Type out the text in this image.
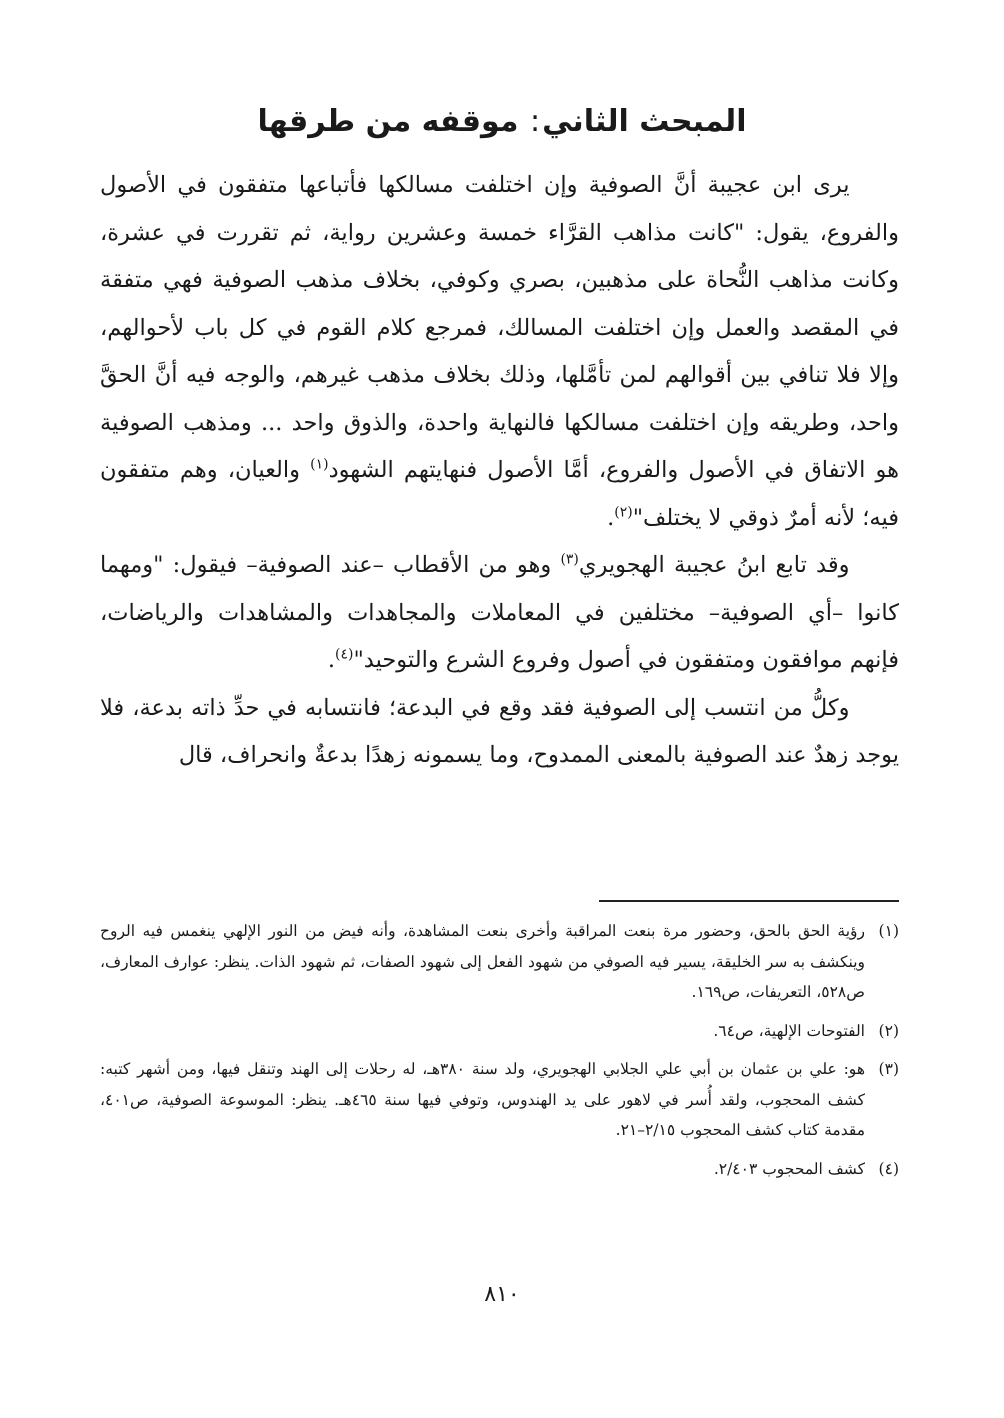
المبحث الثاني: موقفه من طرقها

يرى ابن عجيبة أنَّ الصوفية وإن اختلفت مسالكها فأتباعها متفقون في الأصول والفروع، يقول: "كانت مذاهب القرَّاء خمسة وعشرين رواية، ثم تقررت في عشرة، وكانت مذاهب النُّحاة على مذهبين، بصري وكوفي، بخلاف مذهب الصوفية فهي متفقة في المقصد والعمل وإن اختلفت المسالك، فمرجع كلام القوم في كل باب لأحوالهم، وإلا فلا تنافي بين أقوالهم لمن تأمَّلها، وذلك بخلاف مذهب غيرهم، والوجه فيه أنَّ الحقَّ واحد، وطريقه وإن اختلفت مسالكها فالنهاية واحدة، والذوق واحد ... ومذهب الصوفية هو الاتفاق في الأصول والفروع، أمَّا الأصول فنهايتهم الشهود$^{(١)}$ والعيان، وهم متفقون فيه؛ لأنه أمرٌ ذوقي لا يختلف"$^{(٢)}$.

وقد تابع ابنُ عجيبة الهجويري$^{(٣)}$ وهو من الأقطاب –عند الصوفية– فيقول: "ومهما كانوا –أي الصوفية– مختلفين في المعاملات والمجاهدات والمشاهدات والرياضات، فإنهم موافقون ومتفقون في أصول وفروع الشرع والتوحيد"$^{(٤)}$.

وكلُّ من انتسب إلى الصوفية فقد وقع في البدعة؛ فانتسابه في حدِّ ذاته بدعة، فلا يوجد زهدٌ عند الصوفية بالمعنى الممدوح، وما يسمونه زهدًا بدعةٌ وانحراف، قال

(١)
رؤية الحق بالحق، وحضور مرة بنعت المراقبة وأخرى بنعت المشاهدة، وأنه فيض من النور الإلهي ينغمس فيه الروح وينكشف به سر الخليقة، يسير فيه الصوفي من شهود الفعل إلى شهود الصفات، ثم شهود الذات. ينظر: عوارف المعارف، ص٥٢٨، التعريفات، ص١٦٩.
(٢)
الفتوحات الإلهية، ص٦٤.
(٣)
هو: علي بن عثمان بن أبي علي الجلابي الهجويري، ولد سنة ٣٨٠هـ، له رحلات إلى الهند وتنقل فيها، ومن أشهر كتبه: كشف المحجوب، ولقد أُسر في لاهور على يد الهندوس، وتوفي فيها سنة ٤٦٥هـ. ينظر: الموسوعة الصوفية، ص٤٠١، مقدمة كتاب كشف المحجوب ٢/١٥–٢١.
(٤)
كشف المحجوب ٢/٤٠٣.
٨١٠
